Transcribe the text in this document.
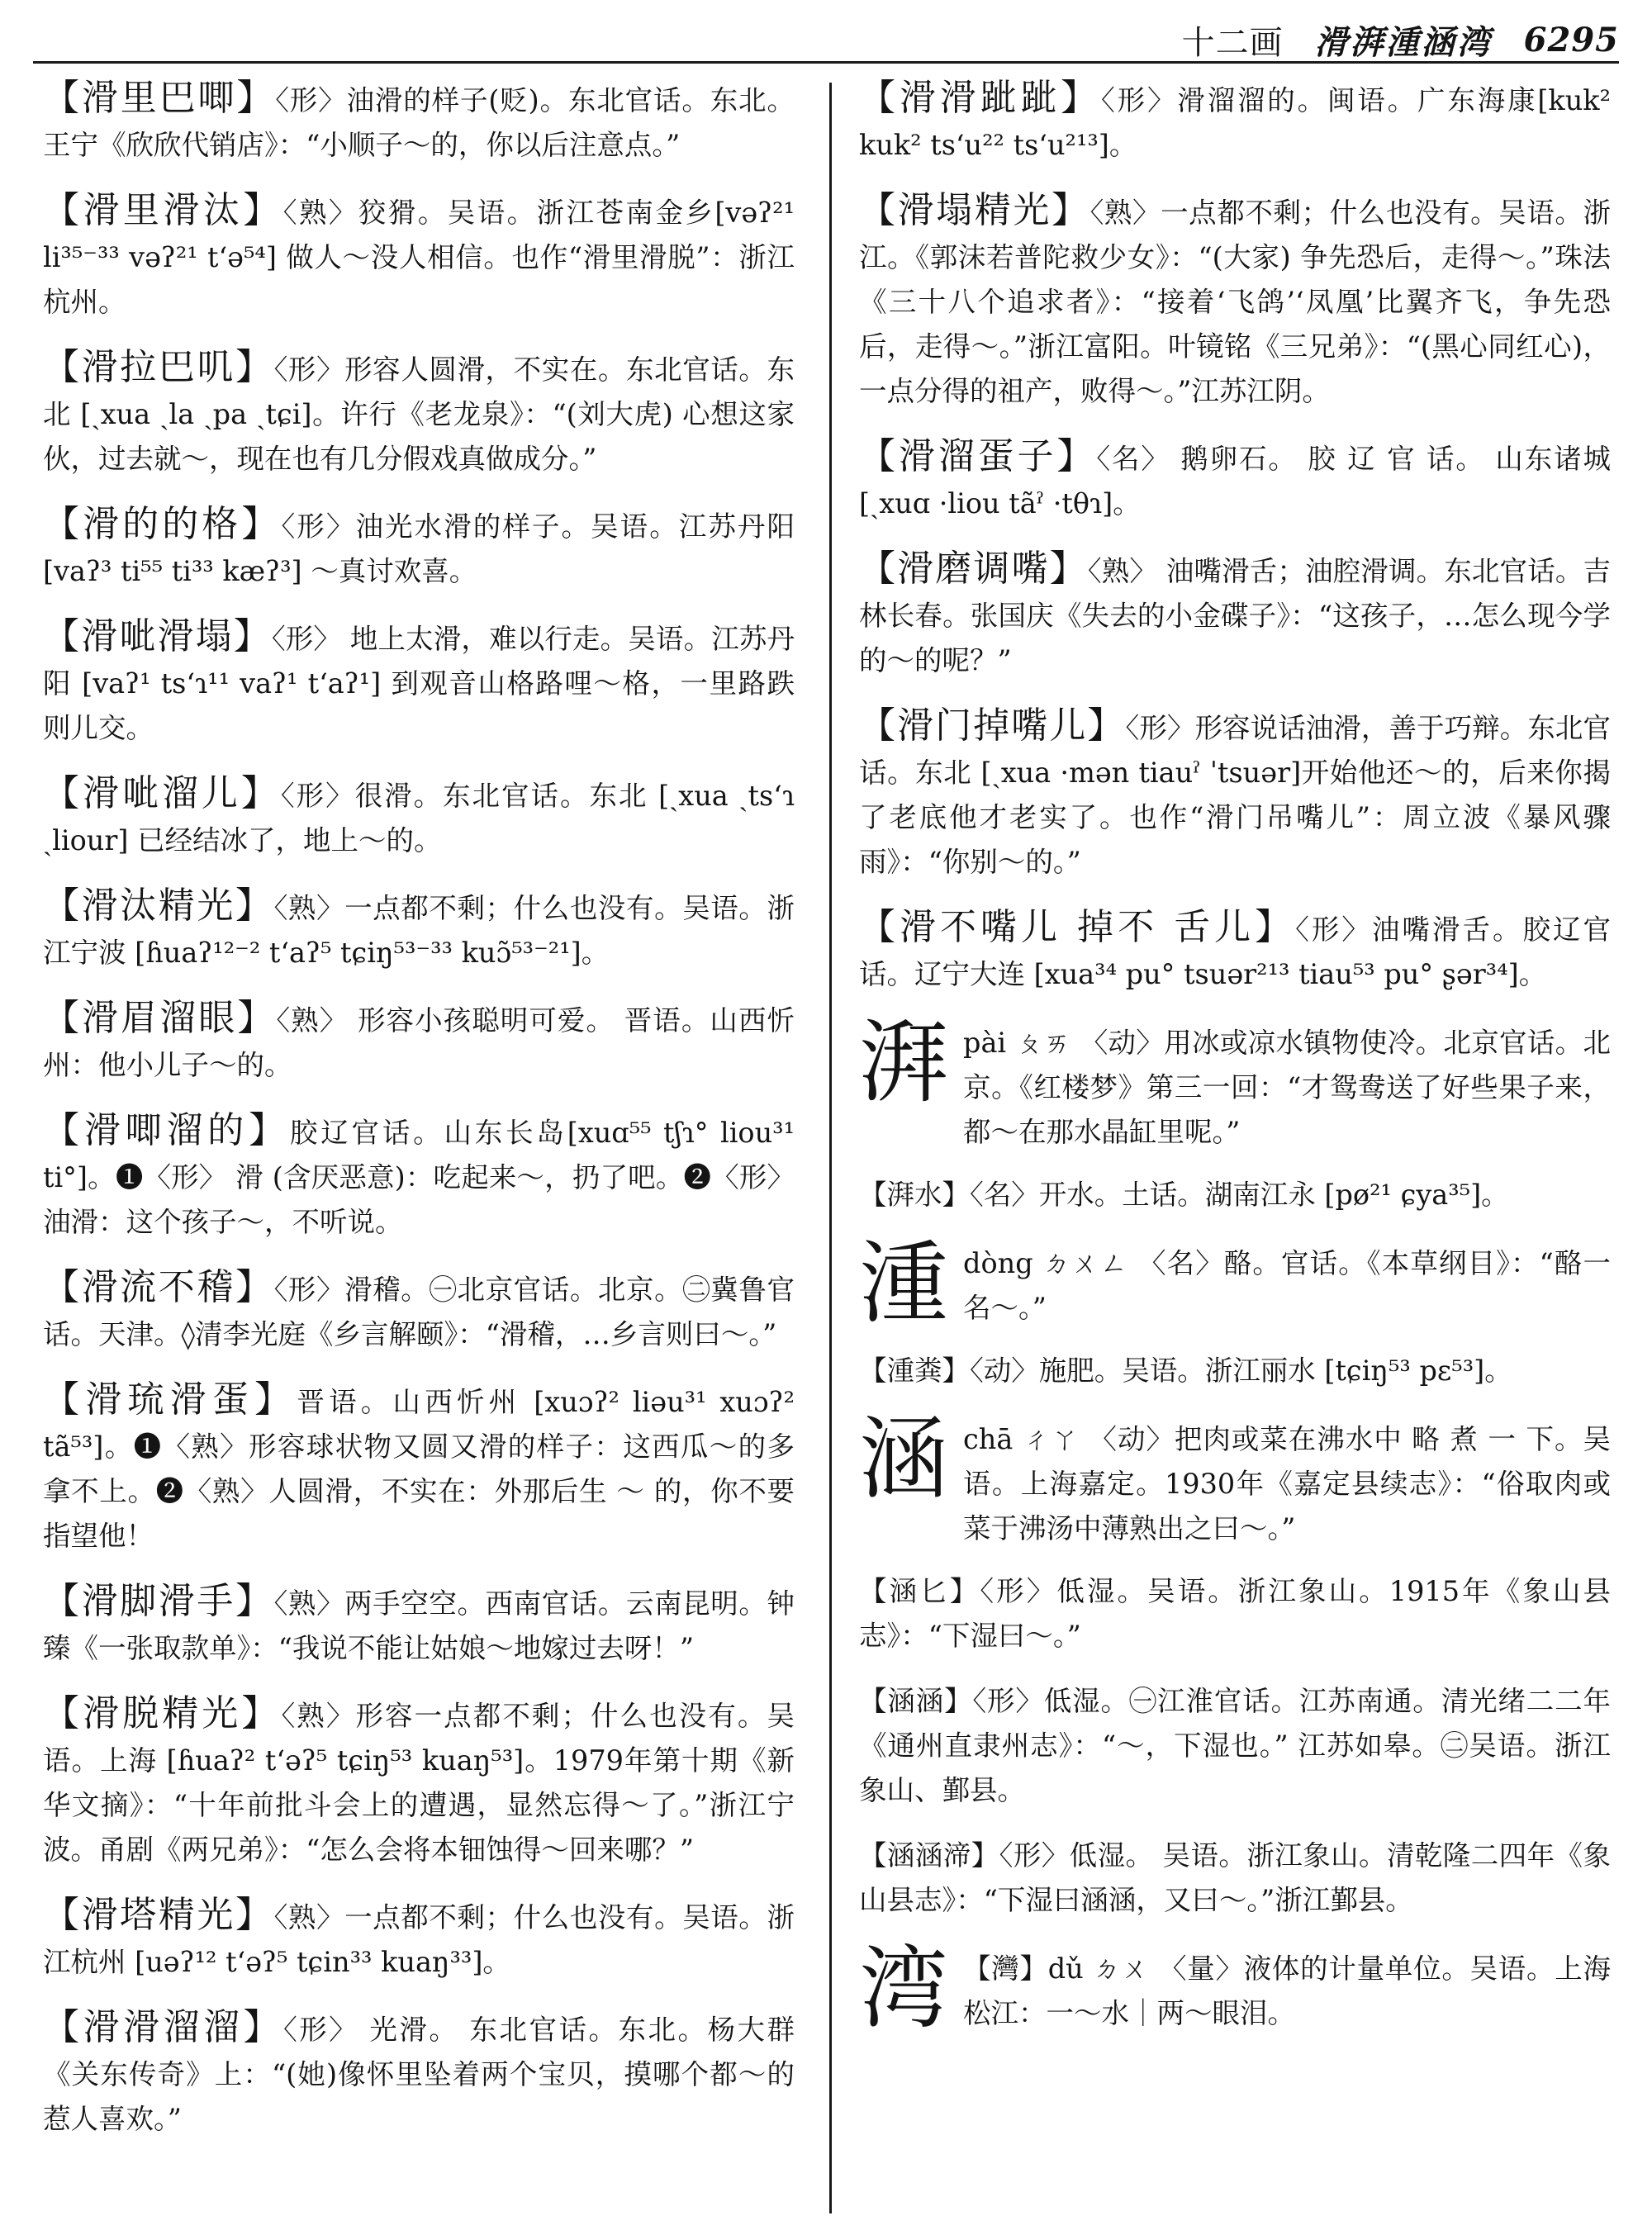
十二画 滑湃湩涵湾 6295
【滑里巴唧】〈形〉油滑的样子(贬)。东北官话。东北。王宁《欣欣代销店》：“小顺子～的，你以后注意点。”
【滑里滑汰】〈熟〉狡猾。吴语。浙江苍南金乡[vəʔ²¹ li³⁵⁻³³ vəʔ²¹ tʻə⁵⁴] 做人～没人相信。也作“滑里滑脱”：浙江杭州。
【滑拉巴叽】〈形〉形容人圆滑，不实在。东北官话。东北 [ˏxua ˏla ˏpa ˏtɕi]。许行《老龙泉》：“(刘大虎) 心想这家伙，过去就～，现在也有几分假戏真做成分。”
【滑的的格】〈形〉油光水滑的样子。吴语。江苏丹阳[vaʔ³ ti⁵⁵ ti³³ kæʔ³] ～真讨欢喜。
【滑呲滑塌】〈形〉 地上太滑，难以行走。吴语。江苏丹阳 [vaʔ¹ tsʻɿ¹¹ vaʔ¹ tʻaʔ¹] 到观音山格路哩～格，一里路跌则儿交。
【滑呲溜儿】〈形〉很滑。东北官话。东北 [ˏxua ˏtsʻɿ ˏliour] 已经结冰了，地上～的。
【滑汰精光】〈熟〉一点都不剩；什么也没有。吴语。浙江宁波 [ɦuaʔ¹²⁻² tʻaʔ⁵ tɕiŋ⁵³⁻³³ kuɔ̃⁵³⁻²¹]。
【滑眉溜眼】〈熟〉 形容小孩聪明可爱。 晋语。山西忻州：他小儿子～的。
【滑唧溜的】胶辽官话。山东长岛[xuɑ⁵⁵ tʃɿ° liou³¹ ti°]。❶〈形〉 滑 (含厌恶意)：吃起来～，扔了吧。❷〈形〉油滑：这个孩子～，不听说。
【滑流不稽】〈形〉滑稽。㊀北京官话。北京。㊁冀鲁官话。天津。◊清李光庭《乡言解颐》：“滑稽，…乡言则曰～。”
【滑琉滑蛋】晋语。山西忻州 [xuɔʔ² liəu³¹ xuɔʔ² tã⁵³]。❶〈熟〉形容球状物又圆又滑的样子：这西瓜～的多拿不上。❷〈熟〉人圆滑，不实在：外那后生 ～ 的，你不要指望他！
【滑脚滑手】〈熟〉两手空空。西南官话。云南昆明。钟臻《一张取款单》：“我说不能让姑娘～地嫁过去呀！”
【滑脱精光】〈熟〉形容一点都不剩；什么也没有。吴语。上海 [ɦuaʔ² tʻəʔ⁵ tɕiŋ⁵³ kuaŋ⁵³]。1979年第十期《新华文摘》：“十年前批斗会上的遭遇，显然忘得～了。”浙江宁波。甬剧《两兄弟》：“怎么会将本钿蚀得～回来哪？”
【滑塔精光】〈熟〉一点都不剩；什么也没有。吴语。浙江杭州 [uəʔ¹² tʻəʔ⁵ tɕin³³ kuaŋ³³]。
【滑滑溜溜】〈形〉 光滑。 东北官话。东北。杨大群《关东传奇》上：“(她)像怀里坠着两个宝贝，摸哪个都～的惹人喜欢。”
【滑滑跐跐】〈形〉滑溜溜的。闽语。广东海康[kuk² kuk² tsʻu²² tsʻu²¹³]。
【滑塌精光】〈熟〉一点都不剩；什么也没有。吴语。浙江。《郭沫若普陀救少女》：“(大家) 争先恐后，走得～。”珠法《三十八个追求者》：“接着‘飞鸽’‘凤凰’比翼齐飞，争先恐后，走得～。”浙江富阳。叶镜铭《三兄弟》：“(黑心同红心)，一点分得的祖产，败得～。”江苏江阴。
【滑溜蛋子】〈名〉 鹅卵石。 胶 辽 官 话。 山东诸城 [ˏxuɑ ·liou tãˀ ·tθɿ]。
【滑磨调嘴】〈熟〉 油嘴滑舌；油腔滑调。东北官话。吉林长春。张国庆《失去的小金碟子》：“这孩子，…怎么现今学的～的呢？”
【滑门掉嘴儿】〈形〉形容说话油滑，善于巧辩。东北官话。东北 [ˏxua ·mən tiauˀ ˈtsuər]开始他还～的，后来你揭了老底他才老实了。也作“滑门吊嘴儿”：周立波《暴风骤雨》：“你别～的。”
【滑不嘴儿 掉不 舌儿】〈形〉油嘴滑舌。胶辽官话。辽宁大连 [xua³⁴ pu° tsuər²¹³ tiau⁵³ pu° ʂər³⁴]。
湃 pài ㄆㄞ 〈动〉用冰或凉水镇物使冷。北京官话。北京。《红楼梦》第三一回：“才鸳鸯送了好些果子来，都～在那水晶缸里呢。”
【湃水】〈名〉开水。土话。湖南江永 [pø²¹ ɕya³⁵]。
湩 dòng ㄉㄨㄥ 〈名〉酪。官话。《本草纲目》：“酪一名～。”
【湩粪】〈动〉施肥。吴语。浙江丽水 [tɕiŋ⁵³ pɛ⁵³]。
涵 chā ㄔㄚ 〈动〉把肉或菜在沸水中 略 煮 一 下。吴语。上海嘉定。1930年《嘉定县续志》：“俗取肉或菜于沸汤中薄熟出之曰～。”
【涵匕】〈形〉低湿。吴语。浙江象山。1915年《象山县志》：“下湿曰～。”
【涵涵】〈形〉低湿。㊀江淮官话。江苏南通。清光绪二二年《通州直隶州志》：“～，下湿也。” 江苏如皋。㊁吴语。浙江象山、鄞县。
【涵涵渧】〈形〉低湿。 吴语。浙江象山。清乾隆二四年《象山县志》：“下湿曰涵涵，又曰～。”浙江鄞县。
湾 【灣】dǔ ㄉㄨ 〈量〉液体的计量单位。吴语。上海松江：一～水｜两～眼泪。
